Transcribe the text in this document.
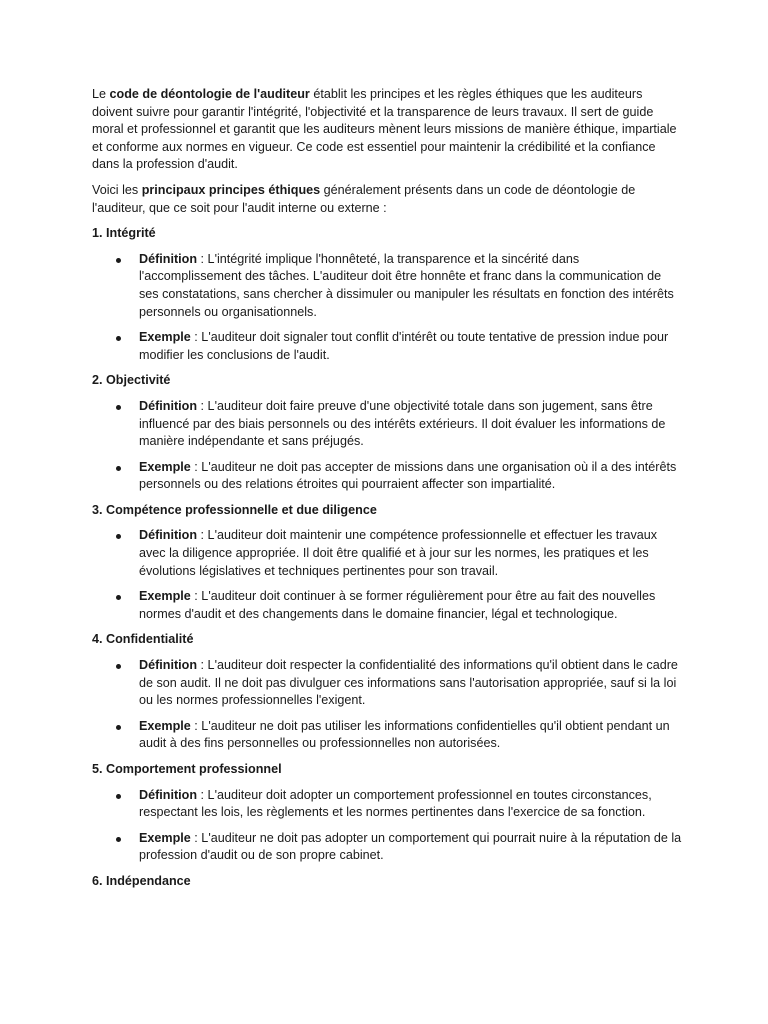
Le code de déontologie de l'auditeur établit les principes et les règles éthiques que les auditeurs doivent suivre pour garantir l'intégrité, l'objectivité et la transparence de leurs travaux. Il sert de guide moral et professionnel et garantit que les auditeurs mènent leurs missions de manière éthique, impartiale et conforme aux normes en vigueur. Ce code est essentiel pour maintenir la crédibilité et la confiance dans la profession d'audit.

Voici les principaux principes éthiques généralement présents dans un code de déontologie de l'auditeur, que ce soit pour l'audit interne ou externe :

1. Intégrité

Définition : L'intégrité implique l'honnêteté, la transparence et la sincérité dans l'accomplissement des tâches. L'auditeur doit être honnête et franc dans la communication de ses constatations, sans chercher à dissimuler ou manipuler les résultats en fonction des intérêts personnels ou organisationnels.
Exemple : L'auditeur doit signaler tout conflit d'intérêt ou toute tentative de pression indue pour modifier les conclusions de l'audit.

2. Objectivité

Définition : L'auditeur doit faire preuve d'une objectivité totale dans son jugement, sans être influencé par des biais personnels ou des intérêts extérieurs. Il doit évaluer les informations de manière indépendante et sans préjugés.
Exemple : L'auditeur ne doit pas accepter de missions dans une organisation où il a des intérêts personnels ou des relations étroites qui pourraient affecter son impartialité.

3. Compétence professionnelle et due diligence

Définition : L'auditeur doit maintenir une compétence professionnelle et effectuer les travaux avec la diligence appropriée. Il doit être qualifié et à jour sur les normes, les pratiques et les évolutions législatives et techniques pertinentes pour son travail.
Exemple : L'auditeur doit continuer à se former régulièrement pour être au fait des nouvelles normes d'audit et des changements dans le domaine financier, légal et technologique.

4. Confidentialité

Définition : L'auditeur doit respecter la confidentialité des informations qu'il obtient dans le cadre de son audit. Il ne doit pas divulguer ces informations sans l'autorisation appropriée, sauf si la loi ou les normes professionnelles l'exigent.
Exemple : L'auditeur ne doit pas utiliser les informations confidentielles qu'il obtient pendant un audit à des fins personnelles ou professionnelles non autorisées.

5. Comportement professionnel

Définition : L'auditeur doit adopter un comportement professionnel en toutes circonstances, respectant les lois, les règlements et les normes pertinentes dans l'exercice de sa fonction.
Exemple : L'auditeur ne doit pas adopter un comportement qui pourrait nuire à la réputation de la profession d'audit ou de son propre cabinet.

6. Indépendance
